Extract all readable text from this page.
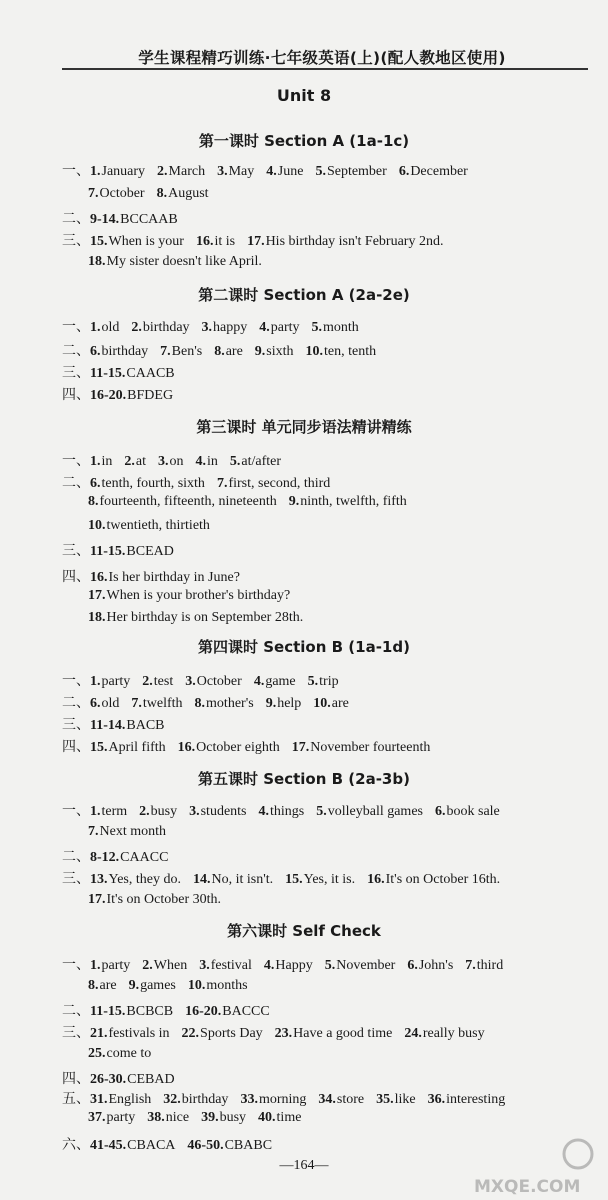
学生课程精巧训练·七年级英语(上)(配人教地区使用)
Unit 8
第一课时 Section A (1a-1c)
一、1.January 2.March 3.May 4.June 5.September 6.December
7.October 8.August
二、9-14.BCCAAB
三、15.When is your 16.it is 17.His birthday isn't February 2nd.
18.My sister doesn't like April.
第二课时 Section A (2a-2e)
一、1.old 2.birthday 3.happy 4.party 5.month
二、6.birthday 7.Ben's 8.are 9.sixth 10.ten, tenth
三、11-15.CAACB
四、16-20.BFDEG
第三课时 单元同步语法精讲精练
一、1.in 2.at 3.on 4.in 5.at/after
二、6.tenth, fourth, sixth 7.first, second, third
8.fourteenth, fifteenth, nineteenth 9.ninth, twelfth, fifth
10.twentieth, thirtieth
三、11-15.BCEAD
四、16.Is her birthday in June?
17.When is your brother's birthday?
18.Her birthday is on September 28th.
第四课时 Section B (1a-1d)
一、1.party 2.test 3.October 4.game 5.trip
二、6.old 7.twelfth 8.mother's 9.help 10.are
三、11-14.BACB
四、15.April fifth 16.October eighth 17.November fourteenth
第五课时 Section B (2a-3b)
一、1.term 2.busy 3.students 4.things 5.volleyball games 6.book sale
7.Next month
二、8-12.CAACC
三、13.Yes, they do. 14.No, it isn't. 15.Yes, it is. 16.It's on October 16th.
17.It's on October 30th.
第六课时 Self Check
一、1.party 2.When 3.festival 4.Happy 5.November 6.John's 7.third
8.are 9.games 10.months
二、11-15.BCBCB 16-20.BACCC
三、21.festivals in 22.Sports Day 23.Have a good time 24.really busy
25.come to
四、26-30.CEBAD
五、31.English 32.birthday 33.morning 34.store 35.like 36.interesting
37.party 38.nice 39.busy 40.time
六、41-45.CBACA 46-50.CBABC
—164—
MXQE.COM
